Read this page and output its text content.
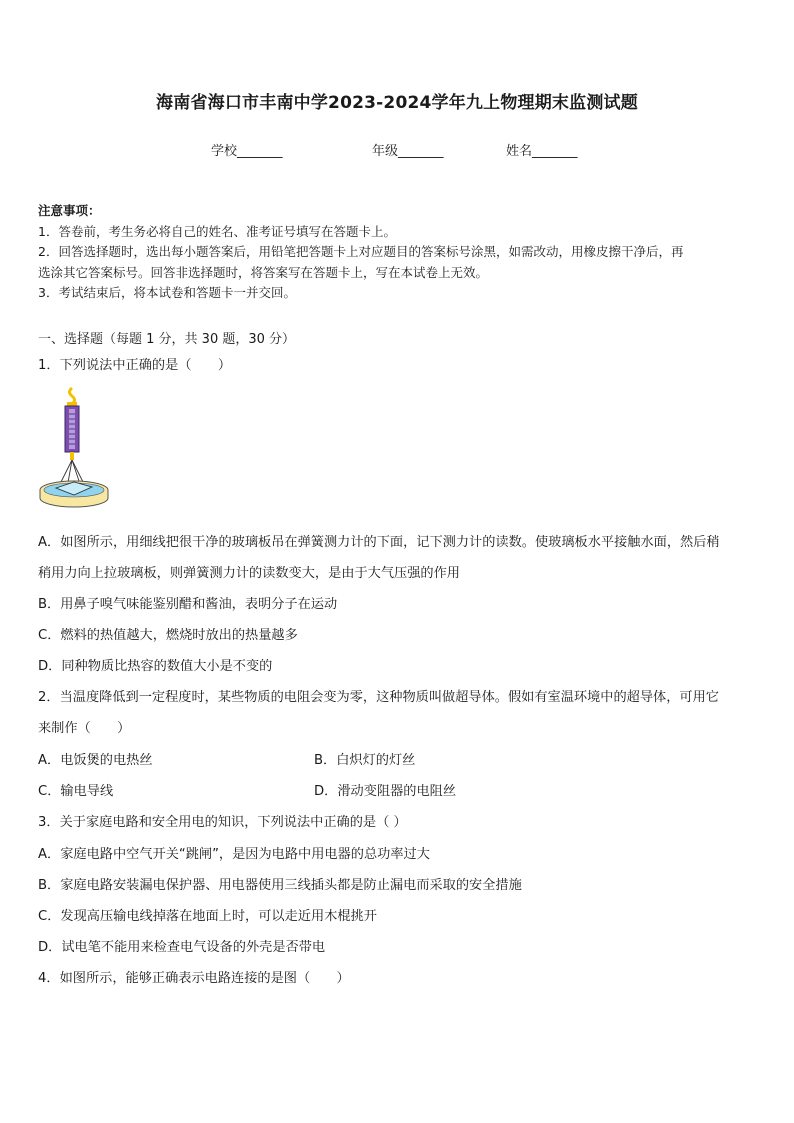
海南省海口市丰南中学2023-2024学年九上物理期末监测试题
学校_______	年级_______	姓名_______
注意事项：
1．答卷前，考生务必将自己的姓名、准考证号填写在答题卡上。
2．回答选择题时，选出每小题答案后，用铅笔把答题卡上对应题目的答案标号涂黑，如需改动，用橡皮擦干净后，再
选涂其它答案标号。回答非选择题时，将答案写在答题卡上，写在本试卷上无效。
3．考试结束后，将本试卷和答题卡一并交回。
一、选择题（每题 1 分，共 30 题，30 分）
1．下列说法中正确的是（　　）
A．如图所示，用细线把很干净的玻璃板吊在弹簧测力计的下面，记下测力计的读数。使玻璃板水平接触水面，然后稍
稍用力向上拉玻璃板，则弹簧测力计的读数变大，是由于大气压强的作用
B．用鼻子嗅气味能鉴别醋和酱油，表明分子在运动
C．燃料的热值越大，燃烧时放出的热量越多
D．同种物质比热容的数值大小是不变的
2．当温度降低到一定程度时，某些物质的电阻会变为零，这种物质叫做超导体。假如有室温环境中的超导体，可用它
来制作（　　）
A．电饭煲的电热丝	B．白炽灯的灯丝
C．输电导线	D．滑动变阻器的电阻丝
3．关于家庭电路和安全用电的知识，下列说法中正确的是（ ）
A．家庭电路中空气开关“跳闸”，是因为电路中用电器的总功率过大
B．家庭电路安装漏电保护器、用电器使用三线插头都是防止漏电而采取的安全措施
C．发现高压输电线掉落在地面上时，可以走近用木棍挑开
D．试电笔不能用来检查电气设备的外壳是否带电
4．如图所示，能够正确表示电路连接的是图（　　）
